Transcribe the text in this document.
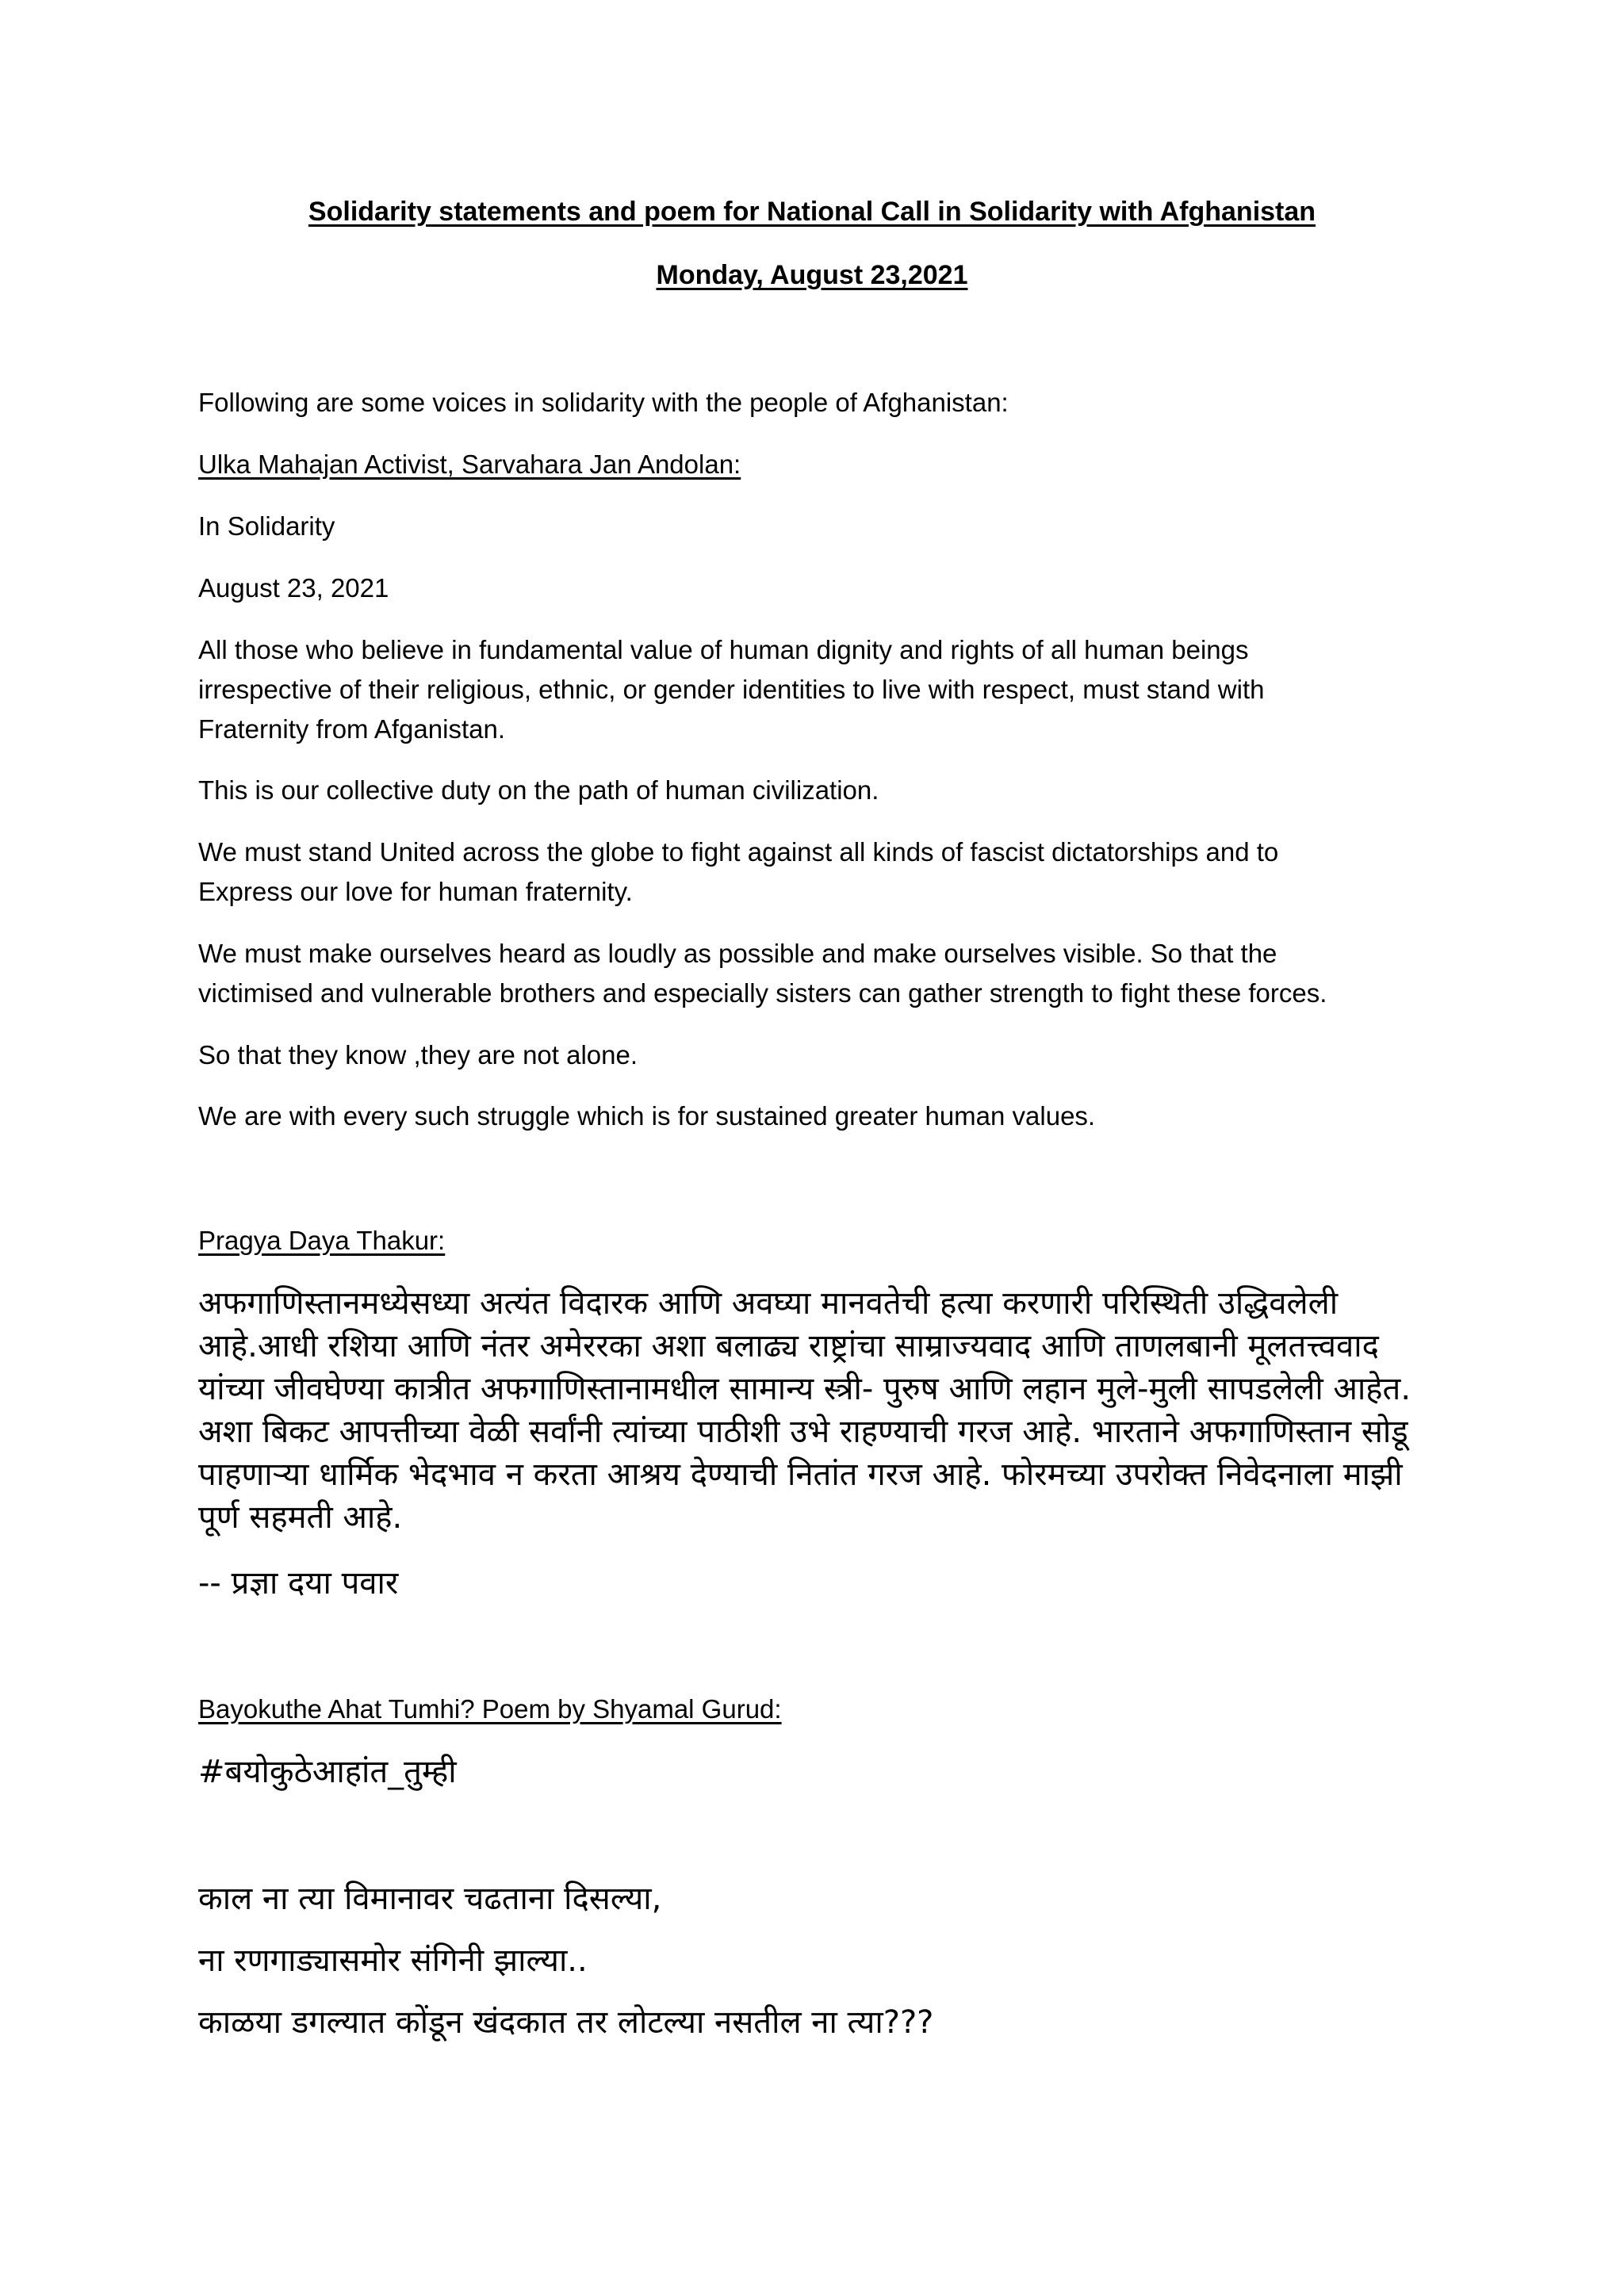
Solidarity statements and poem for National Call in Solidarity with Afghanistan
Monday, August 23,2021
Following are some voices in solidarity with the people of Afghanistan:
Ulka Mahajan Activist, Sarvahara Jan Andolan:
In Solidarity
August 23, 2021
All those who believe in fundamental value of human dignity and rights of all human beings
irrespective of their religious, ethnic, or gender identities to live with respect, must stand with
Fraternity from Afganistan.
This is our collective duty on the path of human civilization.
We must stand United across the globe to fight against all kinds of fascist dictatorships and to
Express our love for human fraternity.
We must make ourselves heard as loudly as possible and make ourselves visible. So that the
victimised and vulnerable brothers and especially sisters can gather strength to fight these forces.
So that they know ,they are not alone.
We are with every such struggle which is for sustained greater human values.
Pragya Daya Thakur:
अफगाणिस्तानमध्येसध्या अत्यंत विदारक आणि अवघ्या मानवतेची हत्या करणारी परिस्थिती उद्धिवलेली
आहे.आधी रशिया आणि नंतर अमेररका अशा बलाढ्य राष्ट्रांचा साम्राज्यवाद आणि ताणलबानी मूलतत्त्ववाद
यांच्या जीवघेण्या कात्रीत अफगाणिस्तानामधील सामान्य स्त्री- पुरुष आणि लहान मुले-मुली सापडलेली आहेत.
अशा बिकट आपत्तीच्या वेळी सर्वांनी त्यांच्या पाठीशी उभे राहण्याची गरज आहे. भारताने अफगाणिस्तान सोडू
पाहणाऱ्या धार्मिक भेदभाव न करता आश्रय देण्याची नितांत गरज आहे. फोरमच्या उपरोक्त निवेदनाला माझी
पूर्ण सहमती आहे.
-- प्रज्ञा दया पवार
Bayokuthe Ahat Tumhi? Poem by Shyamal Gurud:
#बयोकुठेआहांत_तुम्ही
काल ना त्या विमानावर चढताना दिसल्या,
ना रणगाड्यासमोर संगिनी झाल्या..
काळया डगल्यात कोंडून खंदकात तर लोटल्या नसतील ना त्या???
